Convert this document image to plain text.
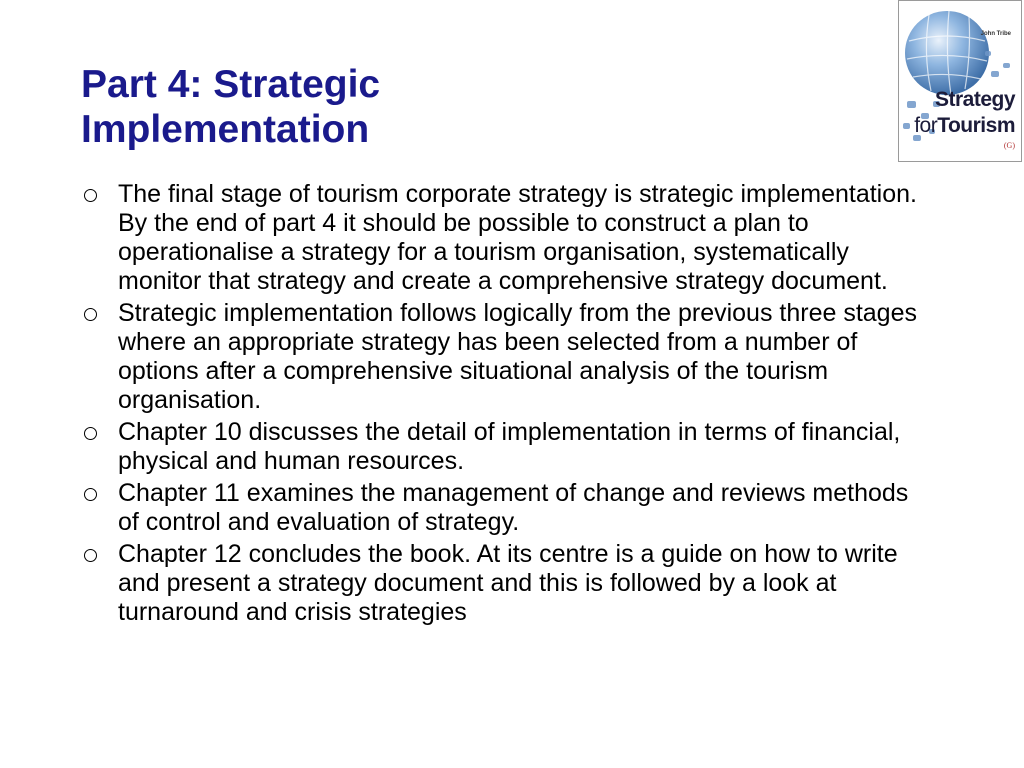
Part 4: Strategic
Implementation
John Tribe
Strategy
forTourism
(G)
The final stage of tourism corporate strategy is strategic implementation. By the end of part 4 it should be possible to construct a plan to operationalise a strategy for a tourism organisation, systematically monitor that strategy and create a comprehensive strategy document.
Strategic implementation follows logically from the previous three stages where an appropriate strategy has been selected from a number of options after a comprehensive situational analysis of the tourism organisation.
Chapter 10 discusses the detail of implementation in terms of financial, physical and human resources.
Chapter 11 examines the management of change and reviews methods of control and evaluation of strategy.
Chapter 12 concludes the book. At its centre is a guide on how to write and present a strategy document and this is followed by a look at turnaround and crisis strategies
